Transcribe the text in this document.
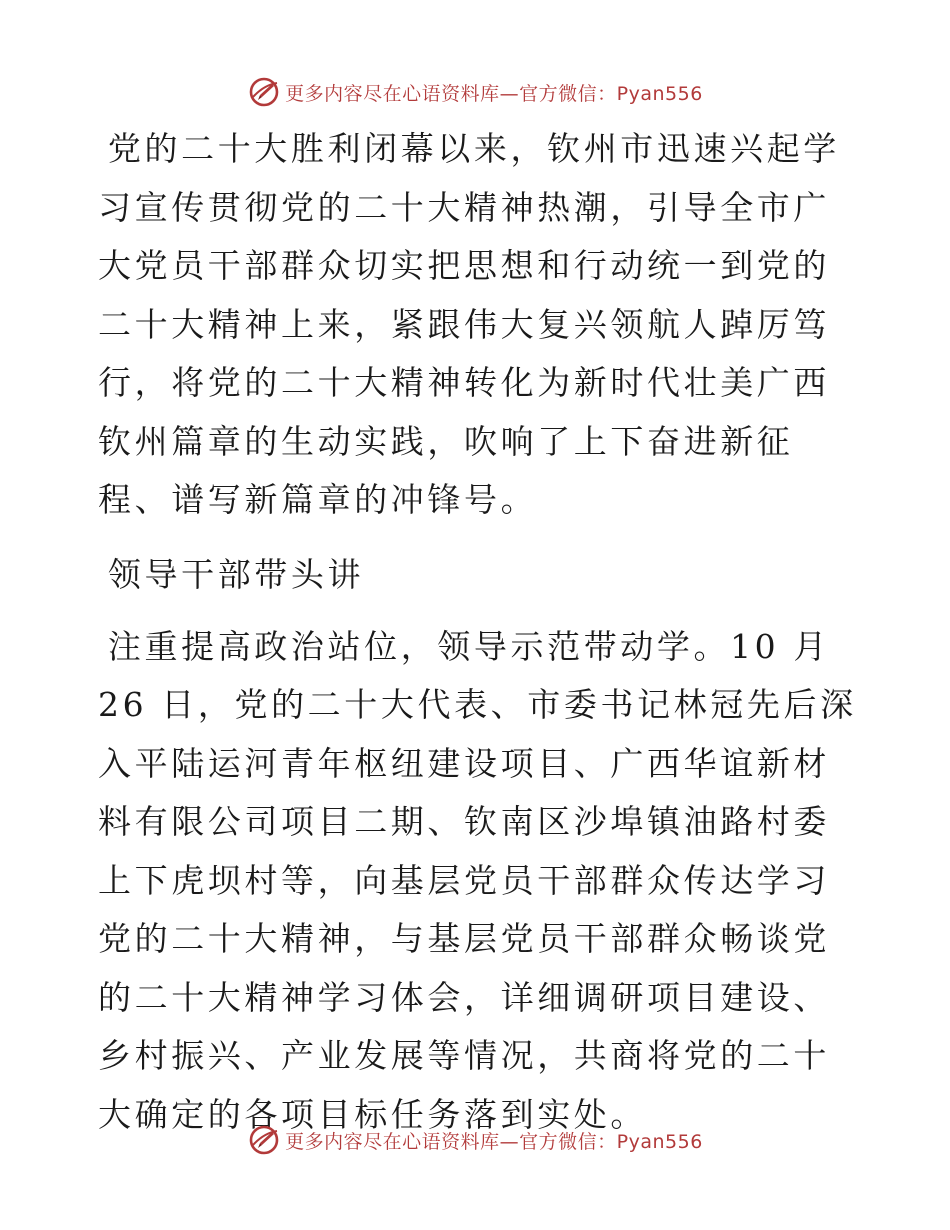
更多内容尽在心语资料库—官方微信：Pyan556

党的二十大胜利闭幕以来，钦州市迅速兴起学习宣传贯彻党的二十大精神热潮，引导全市广大党员干部群众切实把思想和行动统一到党的二十大精神上来，紧跟伟大复兴领航人踔厉笃行，将党的二十大精神转化为新时代壮美广西钦州篇章的生动实践，吹响了上下奋进新征程、谱写新篇章的冲锋号。

领导干部带头讲

注重提高政治站位，领导示范带动学。10 月 26 日，党的二十大代表、市委书记林冠先后深入平陆运河青年枢纽建设项目、广西华谊新材料有限公司项目二期、钦南区沙埠镇油路村委上下虎坝村等，向基层党员干部群众传达学习党的二十大精神，与基层党员干部群众畅谈党的二十大精神学习体会，详细调研项目建设、乡村振兴、产业发展等情况，共商将党的二十大确定的各项目标任务落到实处。

更多内容尽在心语资料库—官方微信：Pyan556
